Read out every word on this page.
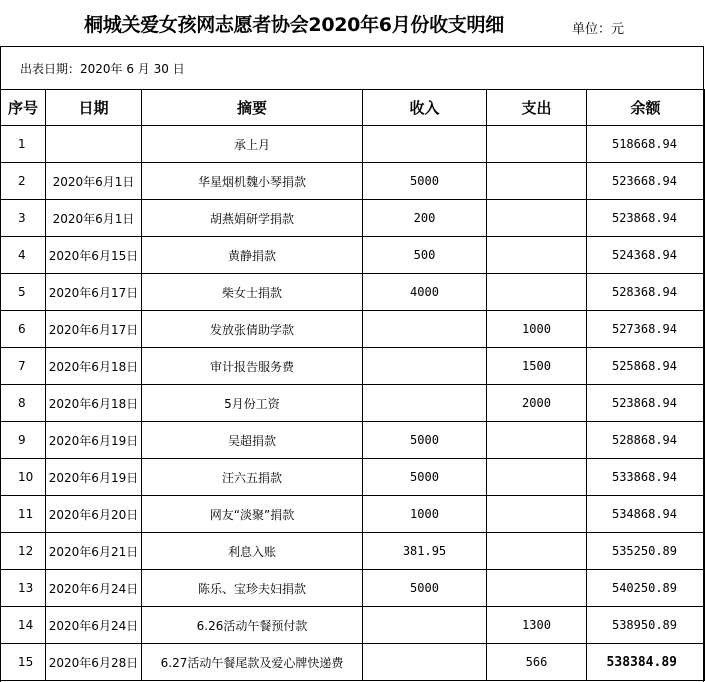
桐城关爱女孩网志愿者协会2020年6月份收支明细	单位：元
出表日期：2020年 6 月 30 日
序号	日期	摘要	收入	支出	余额
1		承上月			518668.94
2	2020年6月1日	华星烟机魏小琴捐款	5000		523668.94
3	2020年6月1日	胡燕娟研学捐款	200		523868.94
4	2020年6月15日	黄静捐款	500		524368.94
5	2020年6月17日	柴女士捐款	4000		528368.94
6	2020年6月17日	发放张倩助学款		1000	527368.94
7	2020年6月18日	审计报告服务费		1500	525868.94
8	2020年6月18日	5月份工资		2000	523868.94
9	2020年6月19日	吴超捐款	5000		528868.94
10	2020年6月19日	汪六五捐款	5000		533868.94
11	2020年6月20日	网友“淡聚”捐款	1000		534868.94
12	2020年6月21日	利息入账	381.95		535250.89
13	2020年6月24日	陈乐、宝珍夫妇捐款	5000		540250.89
14	2020年6月24日	6.26活动午餐预付款		1300	538950.89
15	2020年6月28日	6.27活动午餐尾款及爱心牌快递费		566	538384.89
